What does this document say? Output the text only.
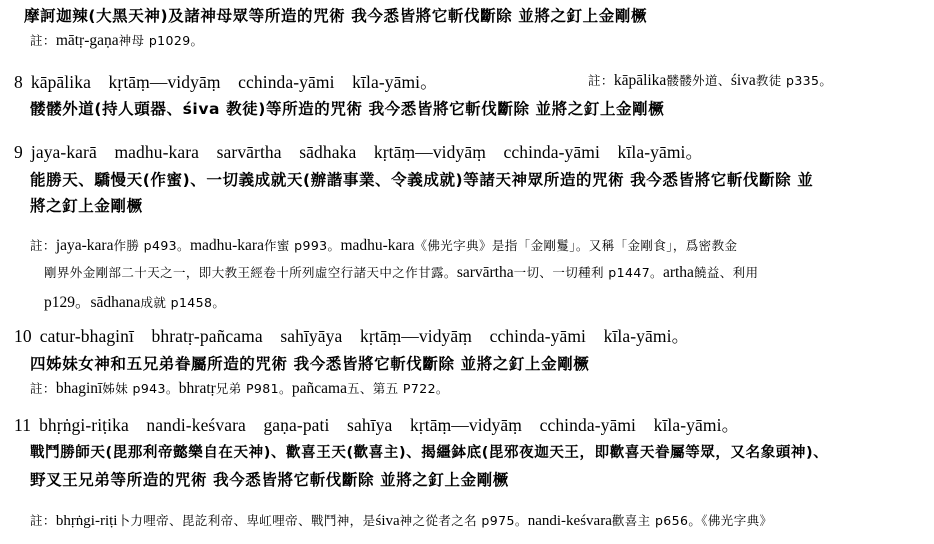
摩訶迦辣(大黑天神)及諸神母眾等所造的咒術 我今悉皆將它斬伐斷除 並將之釘上金剛橛
註：mātṛ-gaṇa神母 p1029。
8 kāpālika　kṛtāṃ—vidyāṃ　cchinda-yāmi　kīla-yāmi。	註：kāpālika髅髅外道、śiva教徒 p335。
髅髅外道(持人頭器、śiva 教徒)等所造的咒術 我今悉皆將它斬伐斷除 並將之釘上金剛橛
9 jaya-karā　madhu-kara　sarvārtha　sādhaka　kṛtāṃ—vidyāṃ　cchinda-yāmi　kīla-yāmi。
能勝天、驕慢天(作蜜)、一切義成就天(辦諧事業、令義成就)等諸天神眾所造的咒術 我今悉皆將它斬伐斷除 並
將之釘上金剛橛
註：jaya-kara作勝 p493。madhu-kara作蜜 p993。madhu-kara《佛光字典》是指「金剛鬘」。又稱「金剛食」，爲密教金
剛界外金剛部二十天之一，即大教王經卷十所列虛空行諸天中之作甘露。sarvārtha一切、一切種利 p1447。artha饒益、利用
p129。sādhana成就 p1458。
10 catur-bhaginī　bhratṛ-pañcama　sahīyāya　kṛtāṃ—vidyāṃ　cchinda-yāmi　kīla-yāmi。
四姊妹女神和五兄弟眷屬所造的咒術 我今悉皆將它斬伐斷除 並將之釘上金剛橛
註：bhaginī姊妹 p943。bhratṛ兄弟 P981。pañcama五、第五 P722。
11 bhṛṅgi-riṭika　nandi-keśvara　gaṇa-pati　sahīya　kṛtāṃ—vidyāṃ　cchinda-yāmi　kīla-yāmi。
戰鬥勝師天(毘那利帝懿樂自在天神)、歡喜王天(歡喜主)、揭繮鉢底(毘邪夜迦天王，即歡喜天眷屬等眾，又名象頭神)、
野叉王兄弟等所造的咒術 我今悉皆將它斬伐斷除 並將之釘上金剛橛
註：bhṛṅgi-riṭi卜力哩帝、毘訖利帝、卑屸哩帝、戰鬥神，是śiva神之從者之名 p975。nandi-keśvara歡喜主 p656。《佛光字典》
